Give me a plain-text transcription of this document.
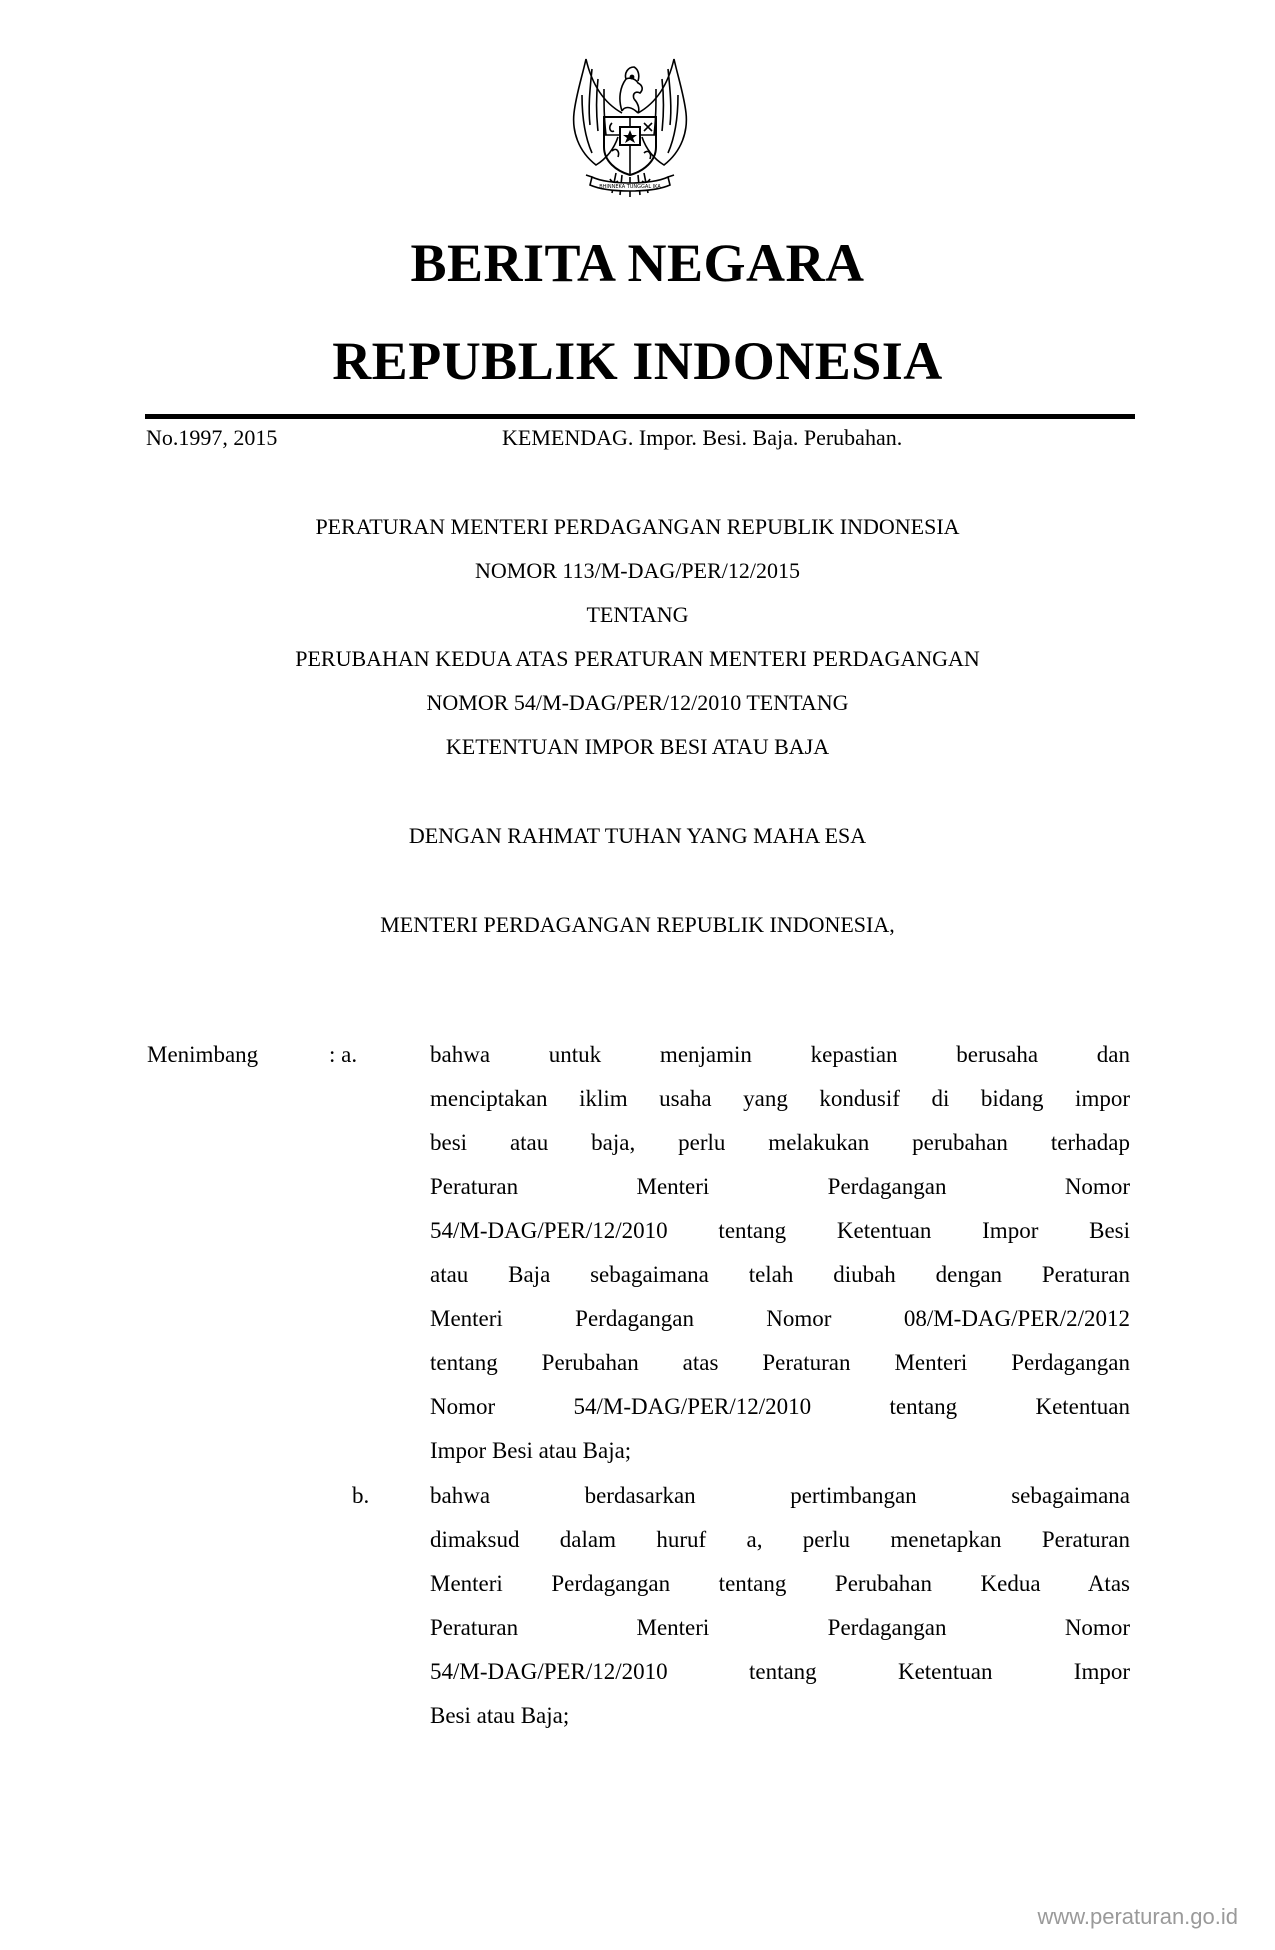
BHINNEKA TUNGGAL IKA
BERITA NEGARA
REPUBLIK INDONESIA
No.1997, 2015	KEMENDAG. Impor. Besi. Baja. Perubahan.
PERATURAN MENTERI PERDAGANGAN REPUBLIK INDONESIA
NOMOR 113/M-DAG/PER/12/2015
TENTANG
PERUBAHAN KEDUA ATAS PERATURAN MENTERI PERDAGANGAN
NOMOR 54/M-DAG/PER/12/2010 TENTANG
KETENTUAN IMPOR BESI ATAU BAJA
DENGAN RAHMAT TUHAN YANG MAHA ESA
MENTERI PERDAGANGAN REPUBLIK INDONESIA,
Menimbang	: a.	bahwa untuk menjamin kepastian berusaha dan
menciptakan iklim usaha yang kondusif di bidang impor
besi atau baja, perlu melakukan perubahan terhadap
Peraturan Menteri Perdagangan Nomor
54/M-DAG/PER/12/2010 tentang Ketentuan Impor Besi
atau Baja sebagaimana telah diubah dengan Peraturan
Menteri Perdagangan Nomor 08/M-DAG/PER/2/2012
tentang Perubahan atas Peraturan Menteri Perdagangan
Nomor 54/M-DAG/PER/12/2010 tentang Ketentuan
Impor Besi atau Baja;
b.	bahwa berdasarkan pertimbangan sebagaimana
dimaksud dalam huruf a, perlu menetapkan Peraturan
Menteri Perdagangan tentang Perubahan Kedua Atas
Peraturan Menteri Perdagangan Nomor
54/M-DAG/PER/12/2010 tentang Ketentuan Impor
Besi atau Baja;
www.peraturan.go.id
